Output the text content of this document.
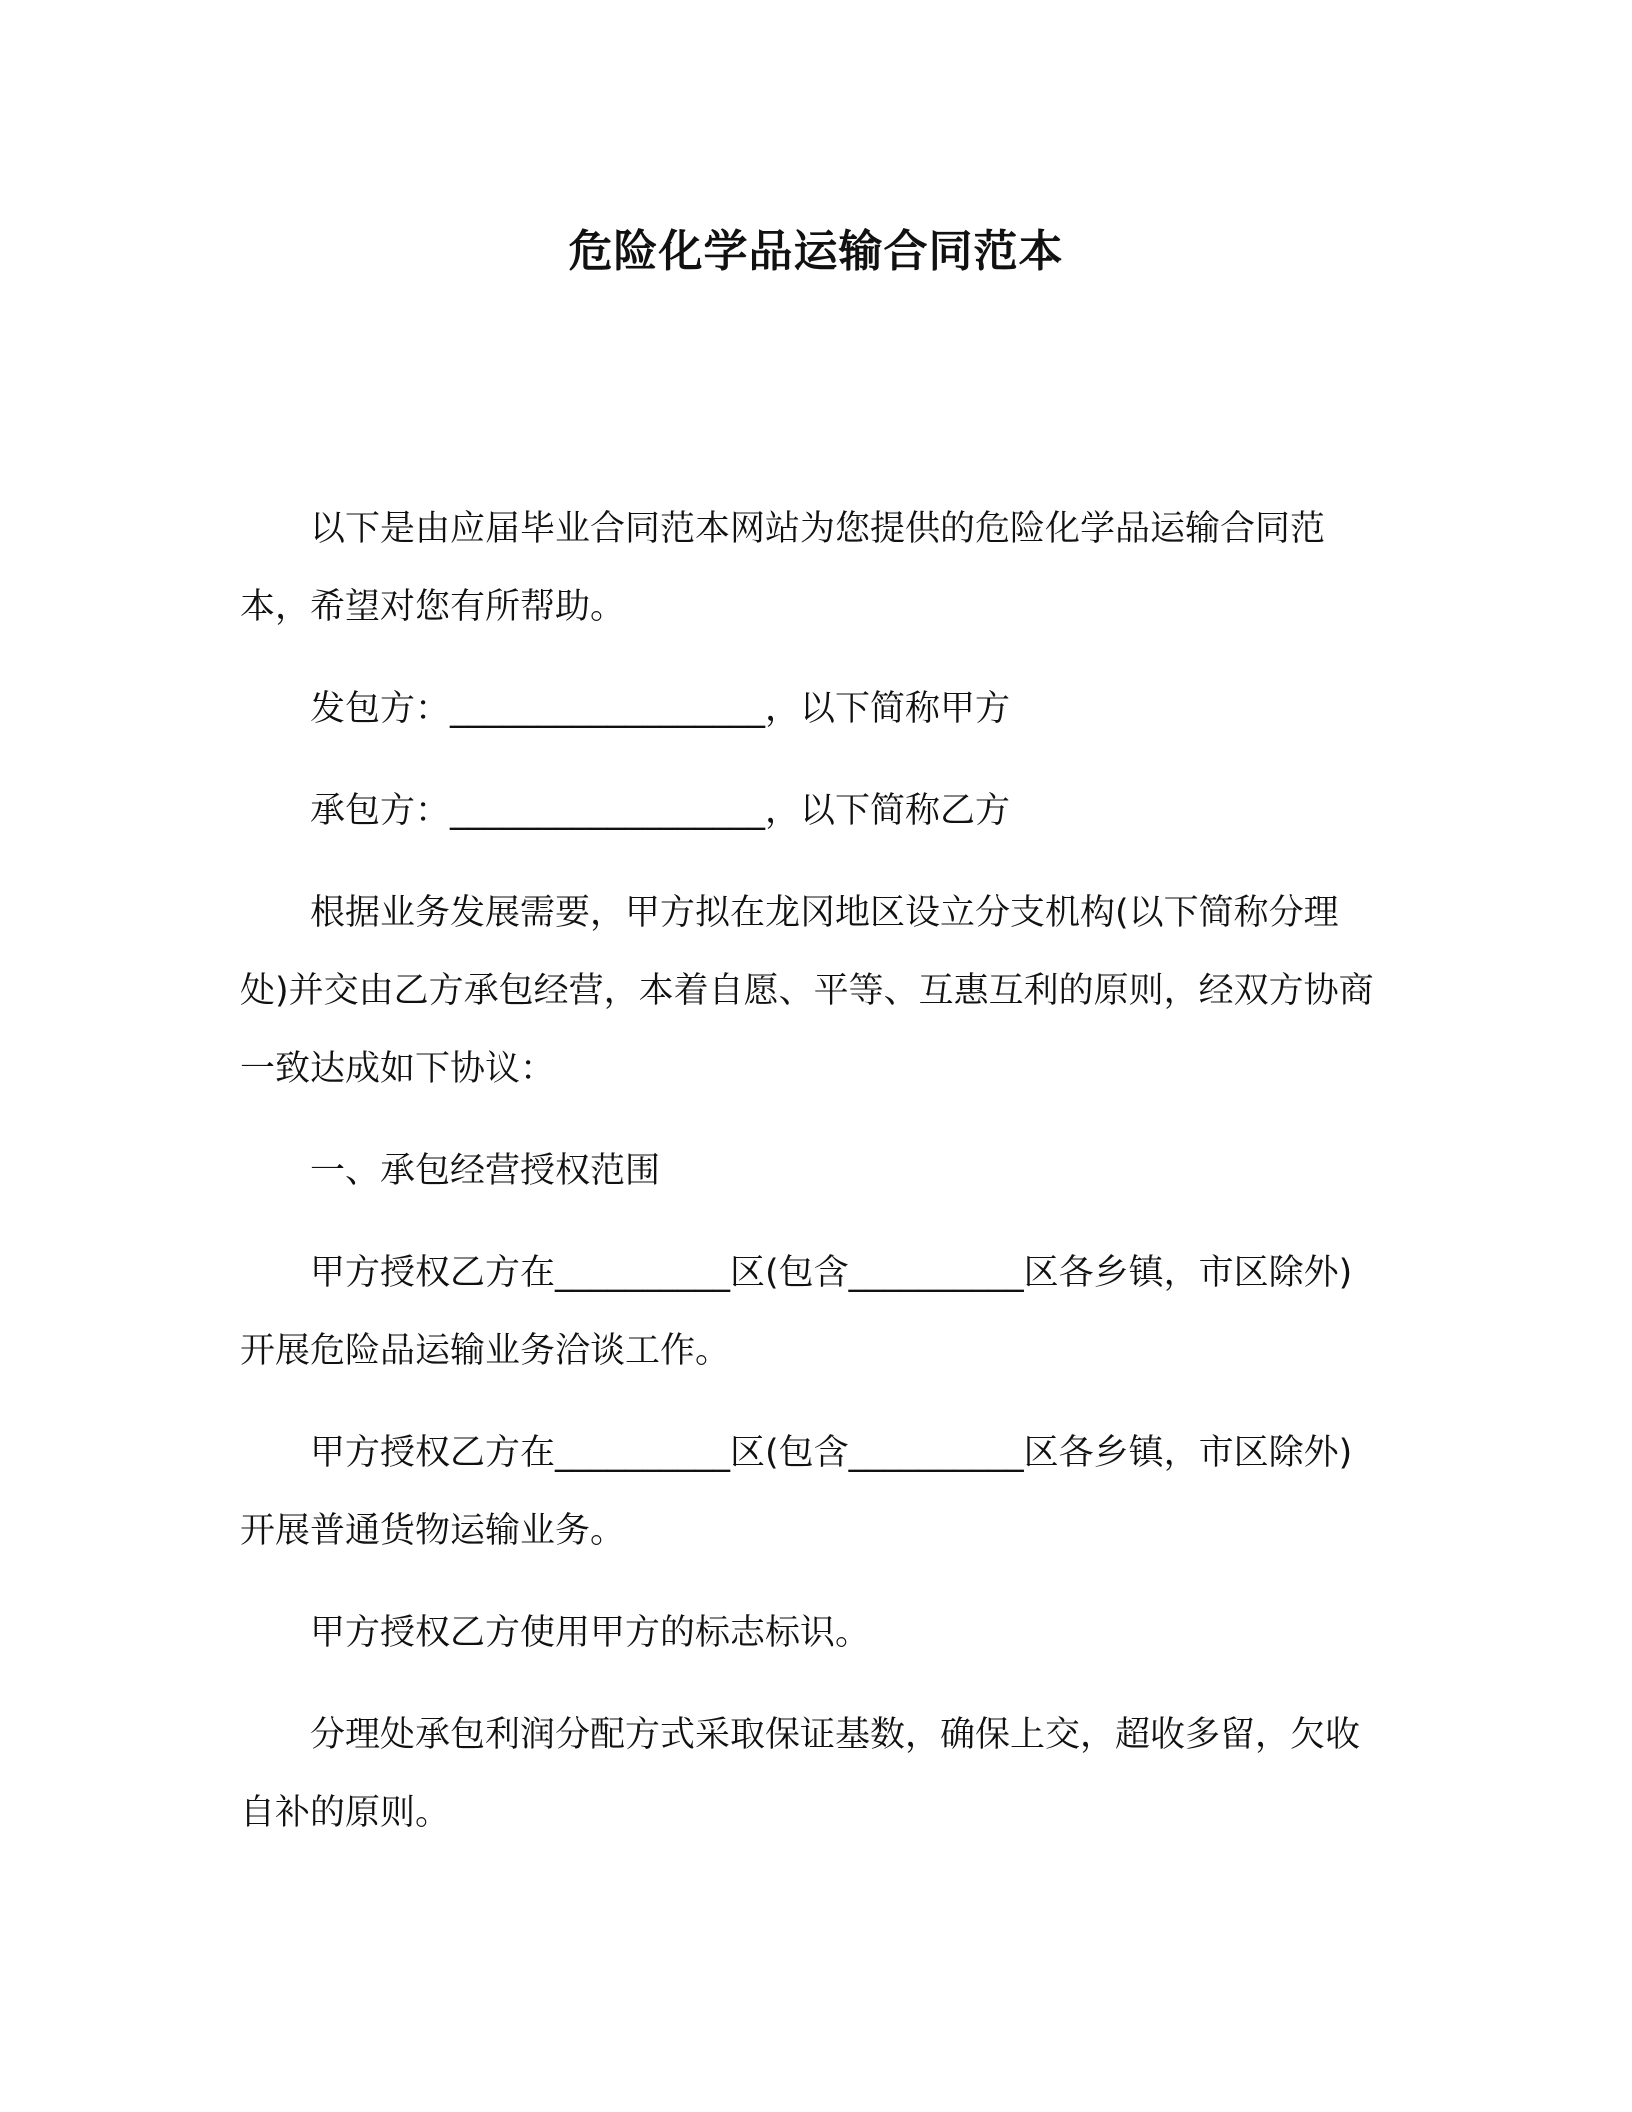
危险化学品运输合同范本

以下是由应届毕业合同范本网站为您提供的危险化学品运输合同范本，希望对您有所帮助。

发包方：__________________，以下简称甲方

承包方：__________________，以下简称乙方

根据业务发展需要，甲方拟在龙冈地区设立分支机构(以下简称分理处)并交由乙方承包经营，本着自愿、平等、互惠互利的原则，经双方协商一致达成如下协议：

一、承包经营授权范围

甲方授权乙方在__________区(包含__________区各乡镇，市区除外)开展危险品运输业务洽谈工作。

甲方授权乙方在__________区(包含__________区各乡镇，市区除外)开展普通货物运输业务。

甲方授权乙方使用甲方的标志标识。

分理处承包利润分配方式采取保证基数，确保上交，超收多留，欠收自补的原则。
